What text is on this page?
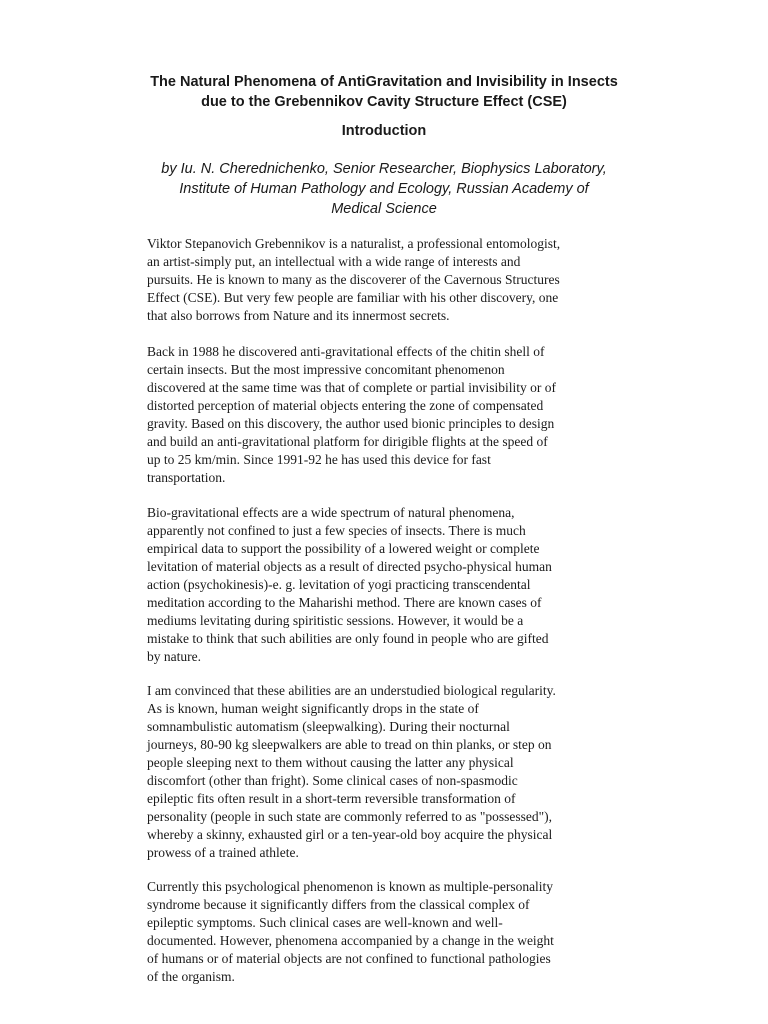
The Natural Phenomena of AntiGravitation and Invisibility in Insects
due to the Grebennikov Cavity Structure Effect (CSE)
Introduction

by Iu. N. Cherednichenko, Senior Researcher, Biophysics Laboratory,
Institute of Human Pathology and Ecology, Russian Academy of
Medical Science

Viktor Stepanovich Grebennikov is a naturalist, a professional entomologist,
an artist-simply put, an intellectual with a wide range of interests and
pursuits. He is known to many as the discoverer of the Cavernous Structures
Effect (CSE). But very few people are familiar with his other discovery, one
that also borrows from Nature and its innermost secrets.

Back in 1988 he discovered anti-gravitational effects of the chitin shell of
certain insects. But the most impressive concomitant phenomenon
discovered at the same time was that of complete or partial invisibility or of
distorted perception of material objects entering the zone of compensated
gravity. Based on this discovery, the author used bionic principles to design
and build an anti-gravitational platform for dirigible flights at the speed of
up to 25 km/min. Since 1991-92 he has used this device for fast
transportation.

Bio-gravitational effects are a wide spectrum of natural phenomena,
apparently not confined to just a few species of insects. There is much
empirical data to support the possibility of a lowered weight or complete
levitation of material objects as a result of directed psycho-physical human
action (psychokinesis)-e. g. levitation of yogi practicing transcendental
meditation according to the Maharishi method. There are known cases of
mediums levitating during spiritistic sessions. However, it would be a
mistake to think that such abilities are only found in people who are gifted
by nature.

I am convinced that these abilities are an understudied biological regularity.
As is known, human weight significantly drops in the state of
somnambulistic automatism (sleepwalking). During their nocturnal
journeys, 80-90 kg sleepwalkers are able to tread on thin planks, or step on
people sleeping next to them without causing the latter any physical
discomfort (other than fright). Some clinical cases of non-spasmodic
epileptic fits often result in a short-term reversible transformation of
personality (people in such state are commonly referred to as "possessed"),
whereby a skinny, exhausted girl or a ten-year-old boy acquire the physical
prowess of a trained athlete.

Currently this psychological phenomenon is known as multiple-personality
syndrome because it significantly differs from the classical complex of
epileptic symptoms. Such clinical cases are well-known and well-
documented. However, phenomena accompanied by a change in the weight
of humans or of material objects are not confined to functional pathologies
of the organism.
